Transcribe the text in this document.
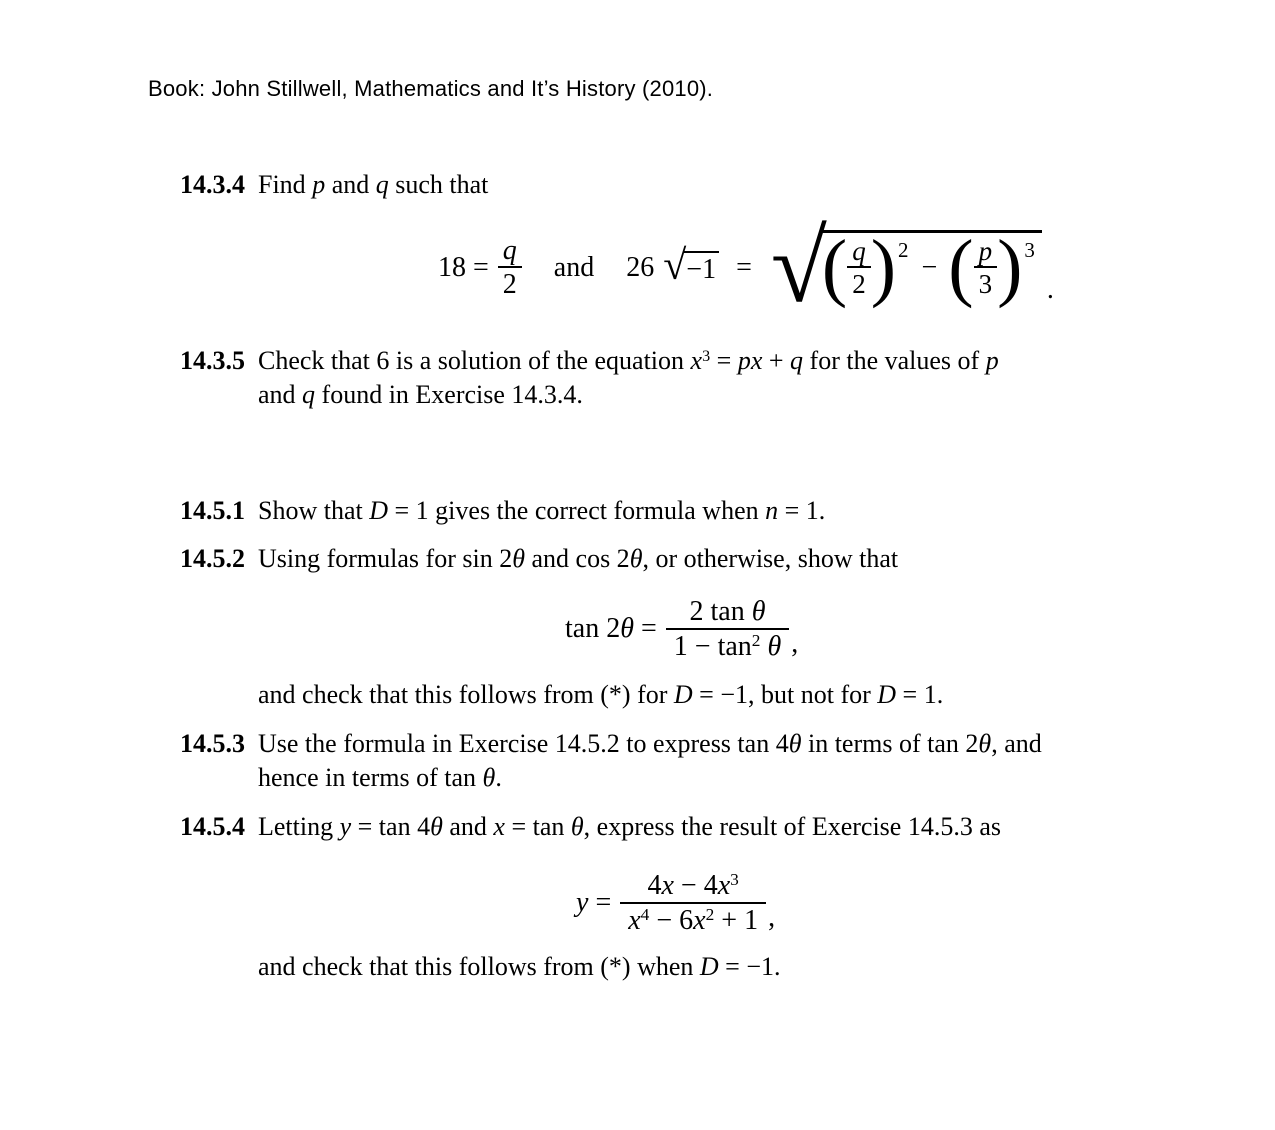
Book: John Stillwell, Mathematics and It’s History (2010).
14.3.4 Find p and q such that
$18 = \frac{q}{2}$ and 26 √ −1 = √
( $\frac{q}{2}$ ) 2
− ( $\frac{p}{3}$ ) 3
.
14.3.5 Check that 6 is a solution of the equation $x^3$ = px + q for the values of p
and q found in Exercise 14.3.4.
14.5.1 Show that D = 1 gives the correct formula when n = 1.
14.5.2 Using formulas for sin 2θ and cos 2θ, or otherwise, show that
$\tan 2\theta = \frac{\text{2 tan θ}}{1 - \tan^2 \theta}$ ,
and check that this follows from (*) for D = −1, but not for D = 1.
14.5.3 Use the formula in Exercise 14.5.2 to express tan 4θ in terms of tan 2θ, and
hence in terms of tan θ.
14.5.4 Letting y = tan 4θ and x = tan θ, express the result of Exercise 14.5.3 as
$y = \frac{4x - 4x^3}{x^4 - 6x^2 + 1}$ ,
and check that this follows from (*) when D = −1.
